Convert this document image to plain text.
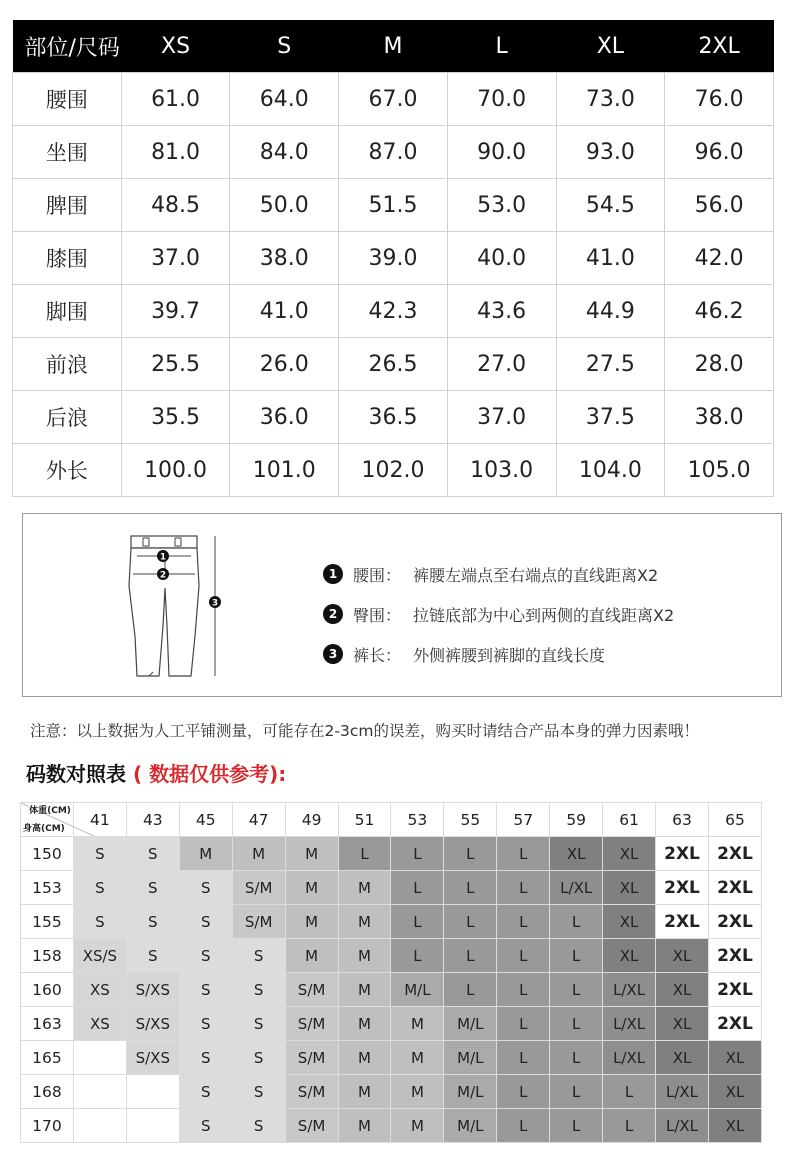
部位/尺码	XS	S	M	L	XL	2XL
腰围	61.0	64.0	67.0	70.0	73.0	76.0
坐围	81.0	84.0	87.0	90.0	93.0	96.0
脾围	48.5	50.0	51.5	53.0	54.5	56.0
膝围	37.0	38.0	39.0	40.0	41.0	42.0
脚围	39.7	41.0	42.3	43.6	44.9	46.2
前浪	25.5	26.0	26.5	27.0	27.5	28.0
后浪	35.5	36.0	36.5	37.0	37.5	38.0
外长	100.0	101.0	102.0	103.0	104.0	105.0
1
2
3
1 腰围： 裤腰左端点至右端点的直线距离X2
2 臀围： 拉链底部为中心到两侧的直线距离X2
3 裤长： 外侧裤腰到裤脚的直线长度
注意：以上数据为人工平铺测量，可能存在2-3cm的误差，购买时请结合产品本身的弹力因素哦！
码数对照表 ( 数据仅供参考):
体重(CM)
身高(CM)	41	43	45	47	49	51	53	55	57	59	61	63	65
150	S	S	M	M	M	L	L	L	L	XL	XL	2XL	2XL
153	S	S	S	S/M	M	M	L	L	L	L/XL	XL	2XL	2XL
155	S	S	S	S/M	M	M	L	L	L	L	XL	2XL	2XL
158	XS/S	S	S	S	M	M	L	L	L	L	XL	XL	2XL
160	XS	S/XS	S	S	S/M	M	M/L	L	L	L	L/XL	XL	2XL
163	XS	S/XS	S	S	S/M	M	M	M/L	L	L	L/XL	XL	2XL
165		S/XS	S	S	S/M	M	M	M/L	L	L	L/XL	XL	XL
168			S	S	S/M	M	M	M/L	L	L	L	L/XL	XL
170			S	S	S/M	M	M	M/L	L	L	L	L/XL	XL
